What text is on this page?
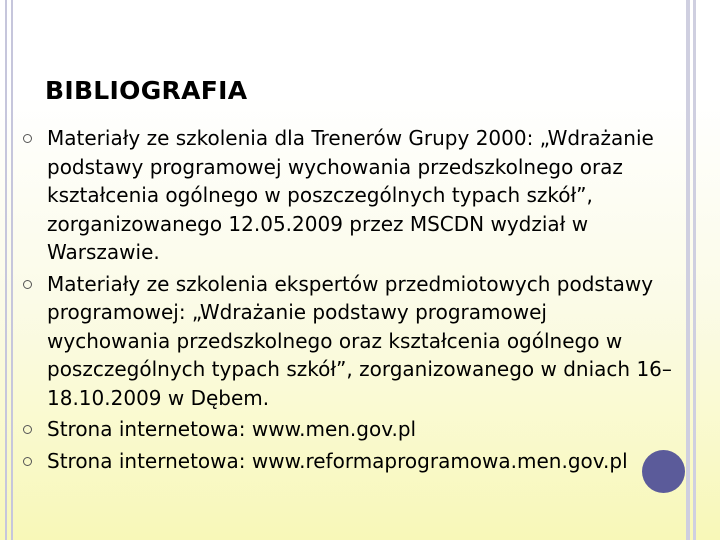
BIBLIOGRAFIA
Materiały ze szkolenia dla Trenerów Grupy 2000: „Wdrażanie podstawy programowej wychowania przedszkolnego oraz kształcenia ogólnego w poszczególnych typach szkół”, zorganizowanego 12.05.2009 przez MSCDN wydział w Warszawie.
Materiały ze szkolenia ekspertów przedmiotowych podstawy programowej: „Wdrażanie podstawy programowej wychowania przedszkolnego oraz kształcenia ogólnego w poszczególnych typach szkół”, zorganizowanego w dniach 16–18.10.2009 w Dębem.
Strona internetowa: www.men.gov.pl
Strona internetowa: www.reformaprogramowa.men.gov.pl
